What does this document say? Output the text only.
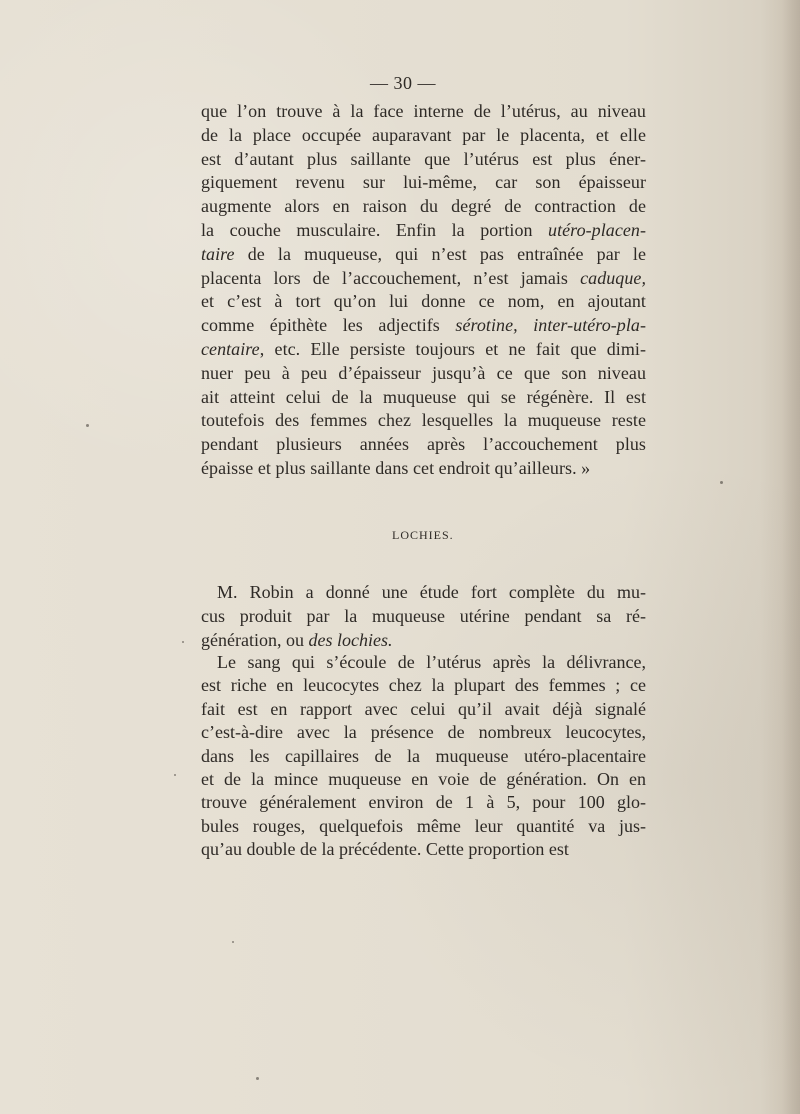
— 30 —
que l’on trouve à la face interne de l’utérus, au niveau
de la place occupée auparavant par le placenta, et elle
est d’autant plus saillante que l’utérus est plus éner-
giquement revenu sur lui-même, car son épaisseur
augmente alors en raison du degré de contraction de
la couche musculaire. Enfin la portion utéro-placen-
taire de la muqueuse, qui n’est pas entraînée par le
placenta lors de l’accouchement, n’est jamais caduque,
et c’est à tort qu’on lui donne ce nom, en ajoutant
comme épithète les adjectifs sérotine, inter-utéro-pla-
centaire, etc. Elle persiste toujours et ne fait que dimi-
nuer peu à peu d’épaisseur jusqu’à ce que son niveau
ait atteint celui de la muqueuse qui se régénère. Il est
toutefois des femmes chez lesquelles la muqueuse reste
pendant plusieurs années après l’accouchement plus
épaisse et plus saillante dans cet endroit qu’ailleurs. »
LOCHIES.
M. Robin a donné une étude fort complète du mu-
cus produit par la muqueuse utérine pendant sa ré-
génération, ou des lochies.
Le sang qui s’écoule de l’utérus après la délivrance,
est riche en leucocytes chez la plupart des femmes ; ce
fait est en rapport avec celui qu’il avait déjà signalé
c’est-à-dire avec la présence de nombreux leucocytes,
dans les capillaires de la muqueuse utéro-placentaire
et de la mince muqueuse en voie de génération. On en
trouve généralement environ de 1 à 5, pour 100 glo-
bules rouges, quelquefois même leur quantité va jus-
qu’au double de la précédente. Cette proportion est
